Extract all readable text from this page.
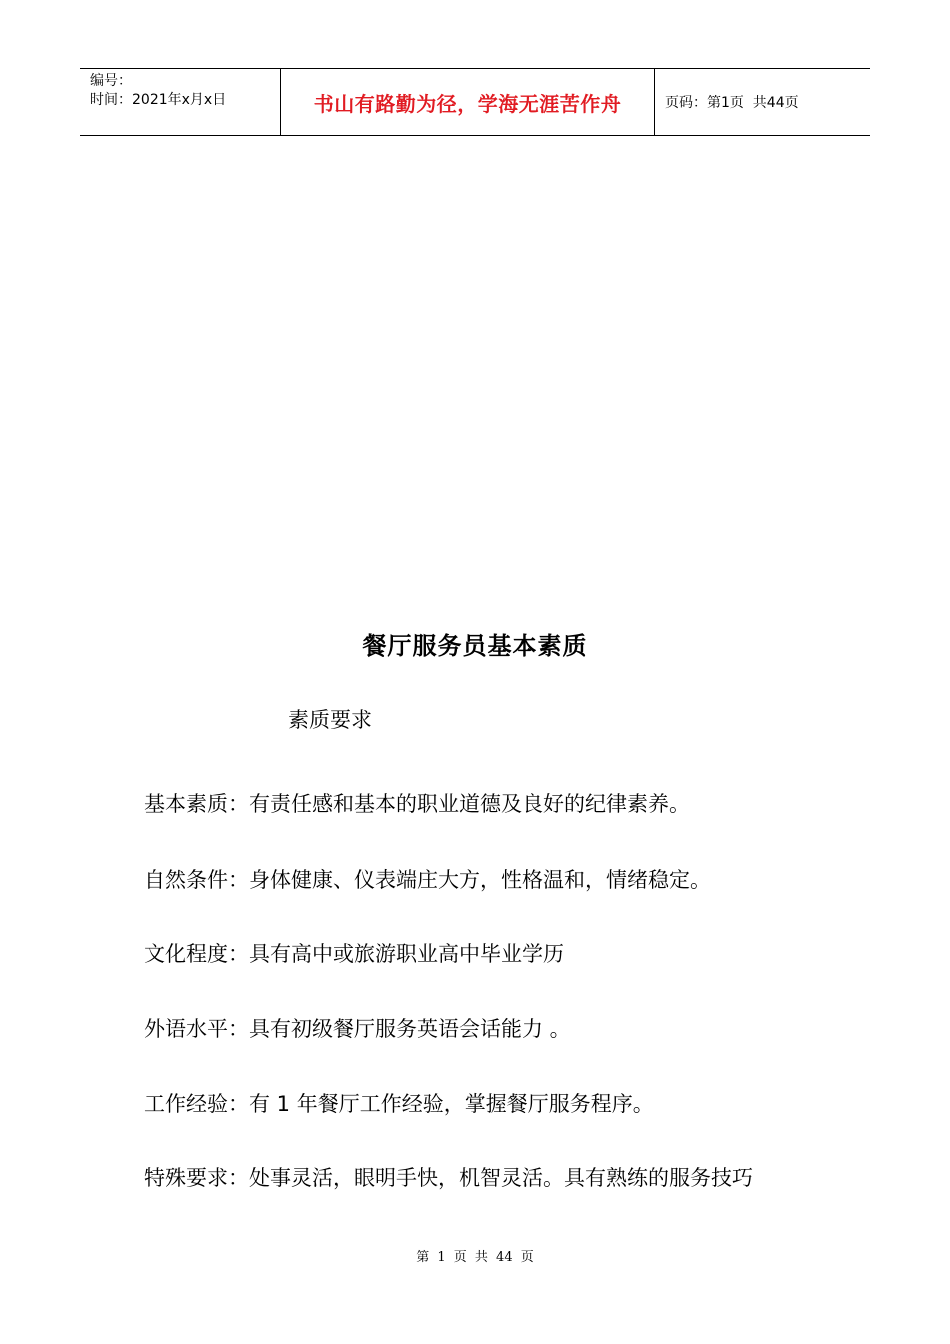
编号：
时间：2021年x月x日	书山有路勤为径，学海无涯苦作舟	页码：第1页  共44页
餐厅服务员基本素质
素质要求
基本素质：有责任感和基本的职业道德及良好的纪律素养。
自然条件：身体健康、仪表端庄大方，性格温和，情绪稳定。
文化程度：具有高中或旅游职业高中毕业学历
外语水平：具有初级餐厅服务英语会话能力 。
工作经验：有 1 年餐厅工作经验，掌握餐厅服务程序。
特殊要求：处事灵活，眼明手快，机智灵活。具有熟练的服务技巧
第 1 页 共 44 页
